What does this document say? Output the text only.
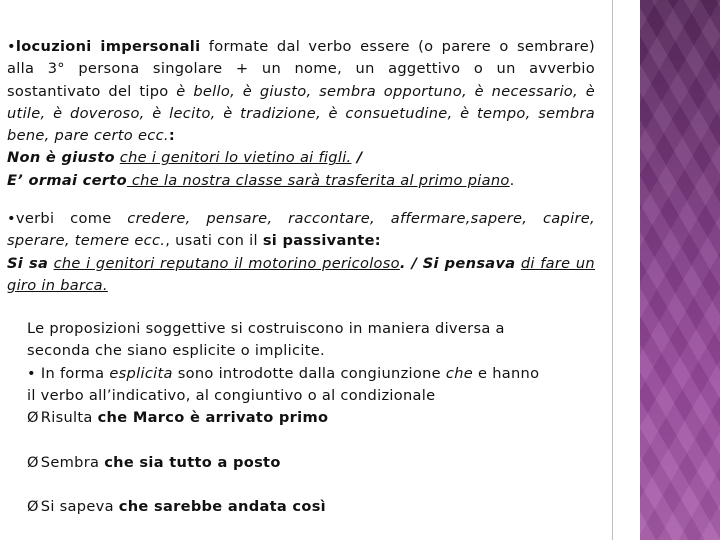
•locuzioni impersonali formate dal verbo essere (o parere o sembrare) alla 3° persona singolare + un nome, un aggettivo o un avverbio sostantivato del tipo è bello, è giusto, sembra opportuno, è necessario, è utile, è doveroso, è lecito, è tradizione, è consuetudine, è tempo, sembra bene, pare certo ecc.:
Non è giusto che i genitori lo vietino ai figli. /
E’ ormai certo che la nostra classe sarà trasferita al primo piano.
•verbi come credere, pensare, raccontare, affermare,sapere, capire, sperare, temere ecc., usati con il si passivante:
Si sa che i genitori reputano il motorino pericoloso. / Si pensava di fare un giro in barca.

Le proposizioni soggettive si costruiscono in maniera diversa a seconda che siano esplicite o implicite.

• In forma esplicita sono introdotte dalla congiunzione che e hanno il verbo all’indicativo, al congiuntivo o al condizionale

Ø Risulta che Marco è arrivato primo

Ø Sembra che sia tutto a posto

Ø Si sapeva che sarebbe andata così
